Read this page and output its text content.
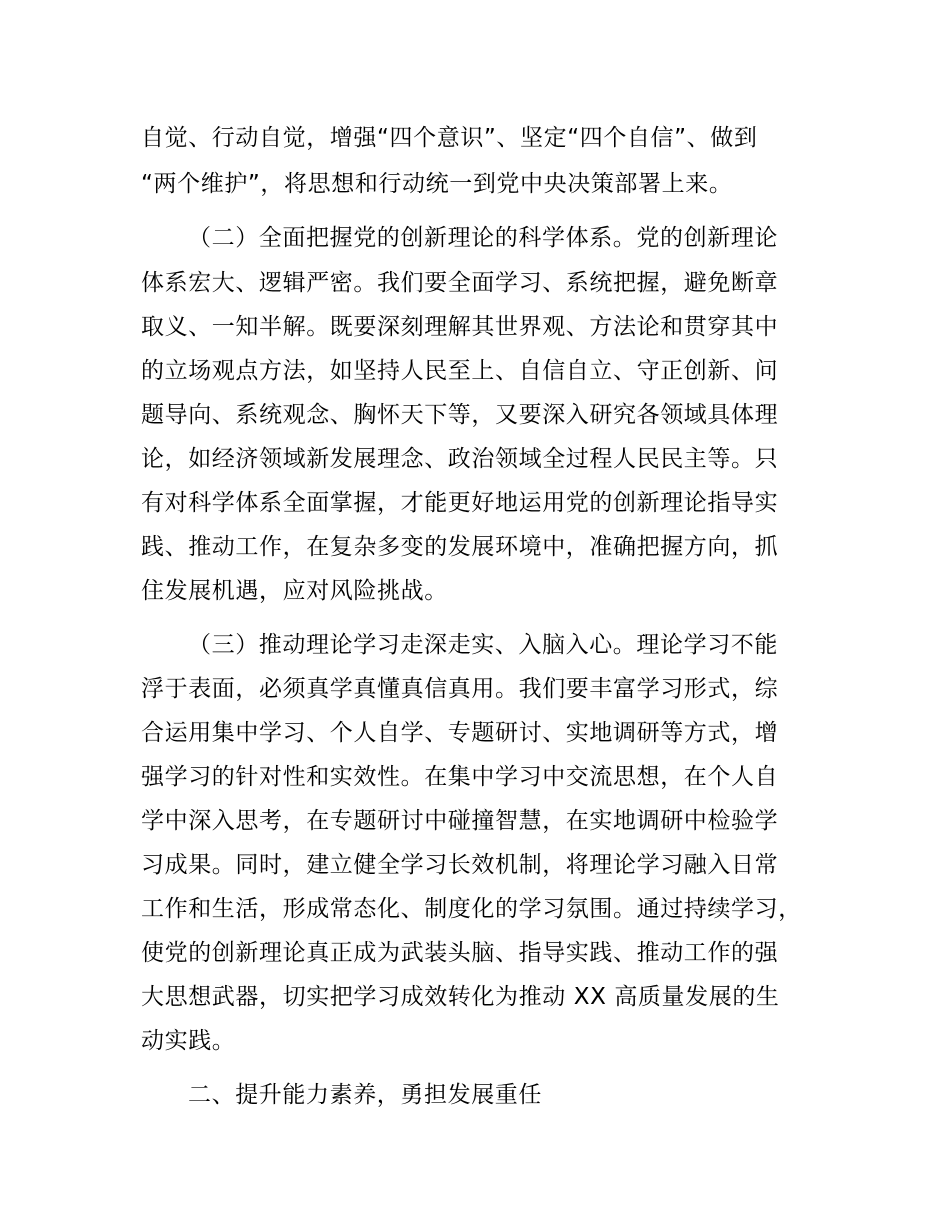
自觉、行动自觉，增强“四个意识”、坚定“四个自信”、做到

“两个维护”，将思想和行动统一到党中央决策部署上来。

（二）全面把握党的创新理论的科学体系。党的创新理论

体系宏大、逻辑严密。我们要全面学习、系统把握，避免断章

取义、一知半解。既要深刻理解其世界观、方法论和贯穿其中

的立场观点方法，如坚持人民至上、自信自立、守正创新、问

题导向、系统观念、胸怀天下等，又要深入研究各领域具体理

论，如经济领域新发展理念、政治领域全过程人民民主等。只

有对科学体系全面掌握，才能更好地运用党的创新理论指导实

践、推动工作，在复杂多变的发展环境中，准确把握方向，抓

住发展机遇，应对风险挑战。

（三）推动理论学习走深走实、入脑入心。理论学习不能

浮于表面，必须真学真懂真信真用。我们要丰富学习形式，综

合运用集中学习、个人自学、专题研讨、实地调研等方式，增

强学习的针对性和实效性。在集中学习中交流思想，在个人自

学中深入思考，在专题研讨中碰撞智慧，在实地调研中检验学

习成果。同时，建立健全学习长效机制，将理论学习融入日常

工作和生活，形成常态化、制度化的学习氛围。通过持续学习，

使党的创新理论真正成为武装头脑、指导实践、推动工作的强

大思想武器，切实把学习成效转化为推动 XX 高质量发展的生

动实践。

二、提升能力素养，勇担发展重任
